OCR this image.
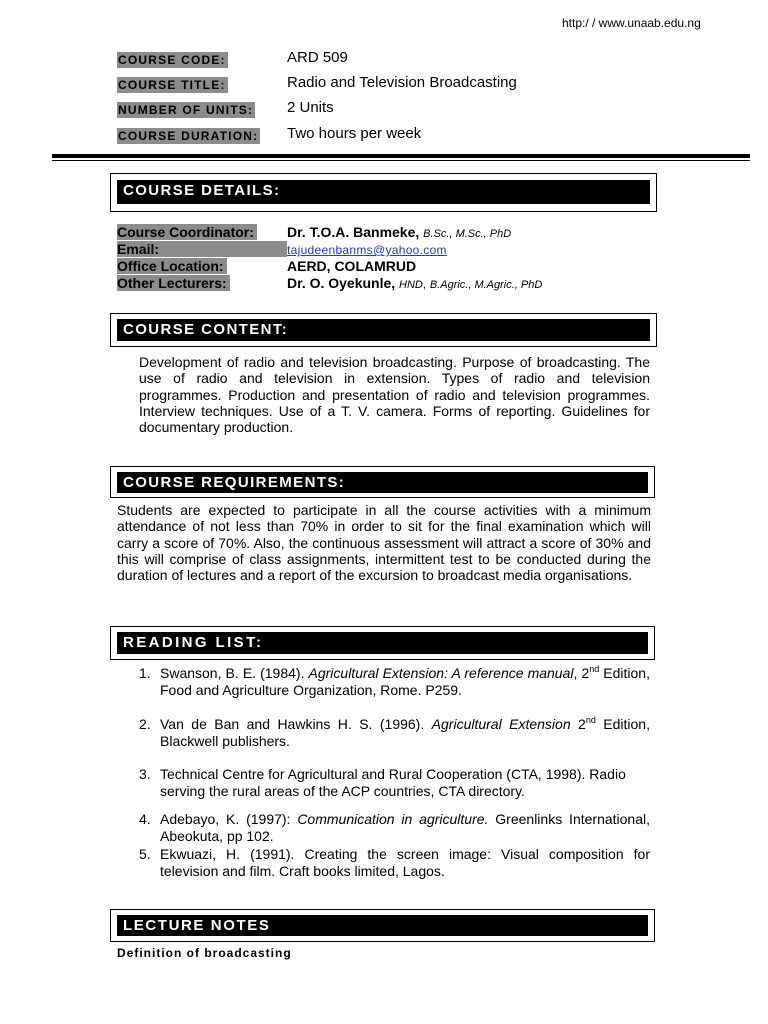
http:/ / www.unaab.edu.ng
COURSE CODE:	ARD 509
COURSE TITLE:	Radio and Television Broadcasting
NUMBER OF UNITS: 2 Units
COURSE DURATION: Two hours per week
COURSE DETAILS:
Course Coordinator: Dr. T.O.A. Banmeke, B.Sc., M.Sc., PhD
Email:	tajudeenbanms@yahoo.com
Office Location:	AERD, COLAMRUD
Other Lecturers:	Dr. O. Oyekunle, HND, B.Agric., M.Agric., PhD
COURSE CONTENT:
Development of radio and television broadcasting. Purpose of broadcasting. The use of radio and television in extension. Types of radio and television programmes. Production and presentation of radio and television programmes. Interview techniques. Use of a T. V. camera. Forms of reporting. Guidelines for documentary production.
COURSE REQUIREMENTS:
Students are expected to participate in all the course activities with a minimum attendance of not less than 70% in order to sit for the final examination which will carry a score of 70%. Also, the continuous assessment will attract a score of 30% and this will comprise of class assignments, intermittent test to be conducted during the duration of lectures and a report of the excursion to broadcast media organisations.
READING LIST:
1. Swanson, B. E. (1984). Agricultural Extension: A reference manual, 2nd Edition, Food and Agriculture Organization, Rome. P259.
2. Van de Ban and Hawkins H. S. (1996). Agricultural Extension 2nd Edition, Blackwell publishers.
3. Technical Centre for Agricultural and Rural Cooperation (CTA, 1998). Radio serving the rural areas of the ACP countries, CTA directory.
4. Adebayo, K. (1997): Communication in agriculture. Greenlinks International, Abeokuta, pp 102.
5. Ekwuazi, H. (1991). Creating the screen image: Visual composition for television and film. Craft books limited, Lagos.
LECTURE NOTES
Definition of broadcasting
